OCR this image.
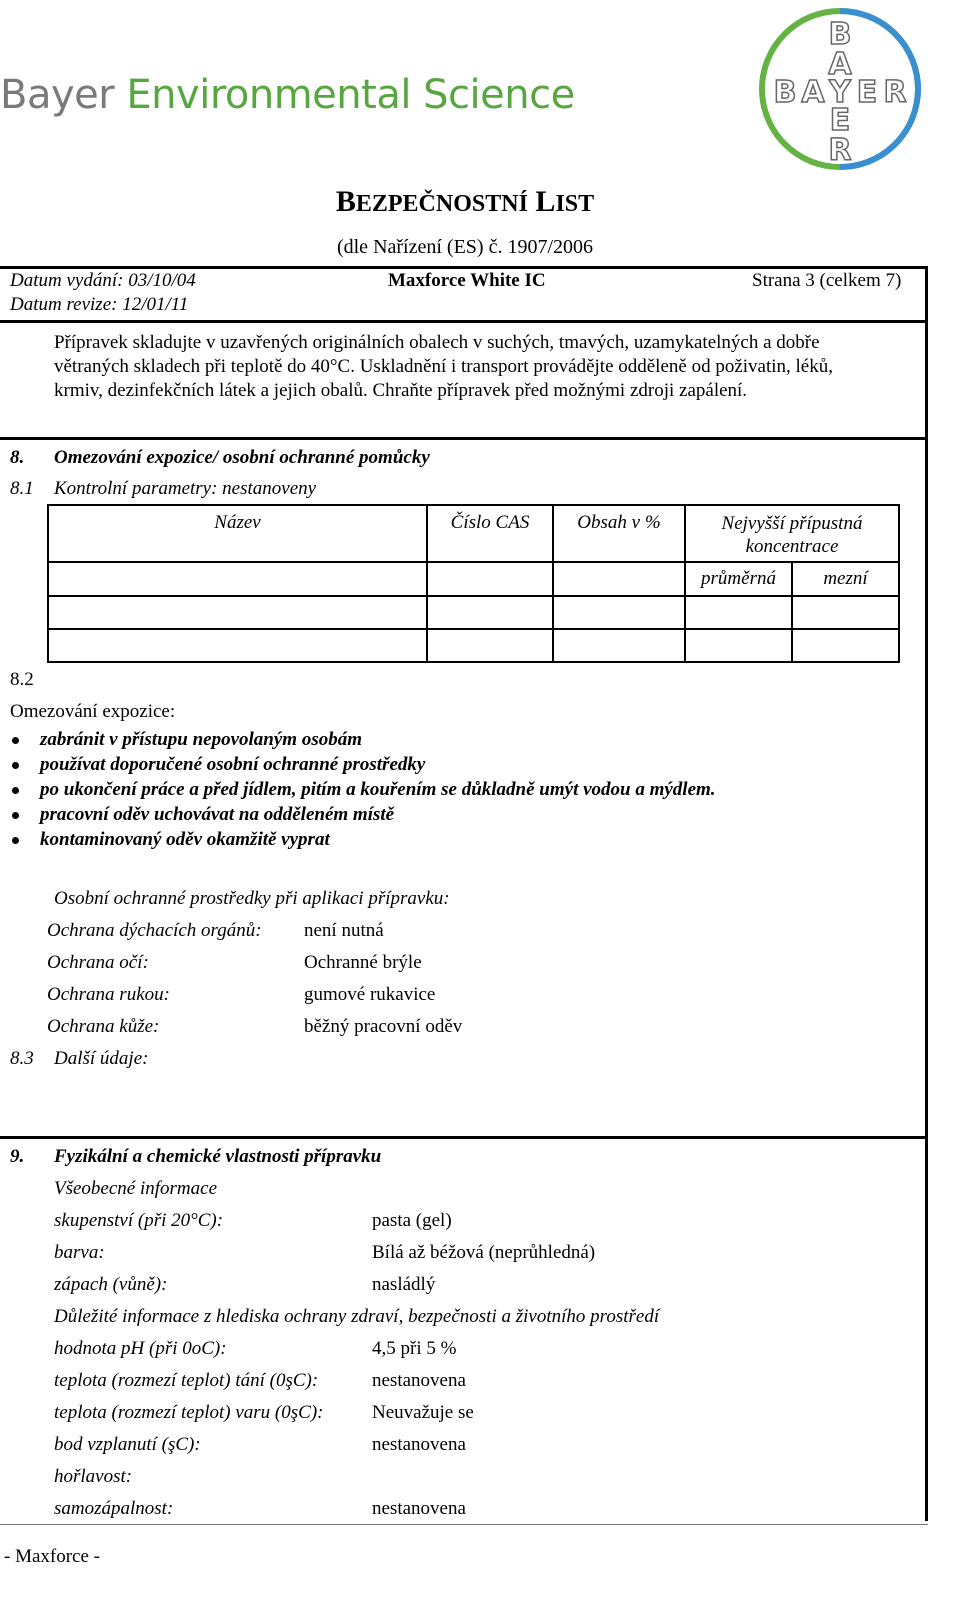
Bayer Environmental Science
B
A
B A Y E R
E
R
BEZPEČNOSTNÍ LIST
(dle Nařízení (ES) č. 1907/2006
Datum vydání: 03/10/04
Datum revize: 12/01/11
Maxforce White IC	Strana 3 (celkem 7)
Přípravek skladujte v uzavřených originálních obalech v suchých, tmavých, uzamykatelných a dobře
větraných skladech při teplotě do 40°C. Uskladnění i transport provádějte odděleně od poživatin, léků,
krmiv, dezinfekčních látek a jejich obalů. Chraňte přípravek před možnými zdroji zapálení.
8. Omezování expozice/ osobní ochranné pomůcky
8.1 Kontrolní parametry: nestanoveny
Název	Číslo CAS	Obsah v %	Nejvyšší přípustná
koncentrace	

			průměrná	mezní

8.2
Omezování expozice:
zabránit v přístupu nepovolaným osobám
používat doporučené osobní ochranné prostředky
po ukončení práce a před jídlem, pitím a kouřením se důkladně umýt vodou a mýdlem.
pracovní oděv uchovávat na odděleném místě
kontaminovaný oděv okamžitě vyprat
Osobní ochranné prostředky při aplikaci přípravku:
Ochrana dýchacích orgánů: není nutná
Ochrana očí:	Ochranné brýle
Ochrana rukou:	gumové rukavice
Ochrana kůže:	běžný pracovní oděv
8.3 Další údaje:
9. Fyzikální a chemické vlastnosti přípravku
Všeobecné informace
skupenství (při 20°C):	pasta (gel)
barva:	Bílá až béžová (neprůhledná)
zápach (vůně):	nasládlý
Důležité informace z hlediska ochrany zdraví, bezpečnosti a životního prostředí
hodnota pH (při 0oC):	4,5 při 5 %
teplota (rozmezí teplot) tání (0şC):	nestanovena
teplota (rozmezí teplot) varu (0şC):	Neuvažuje se
bod vzplanutí (şC):	nestanovena
hořlavost:
samozápalnost:	nestanovena
- Maxforce -
